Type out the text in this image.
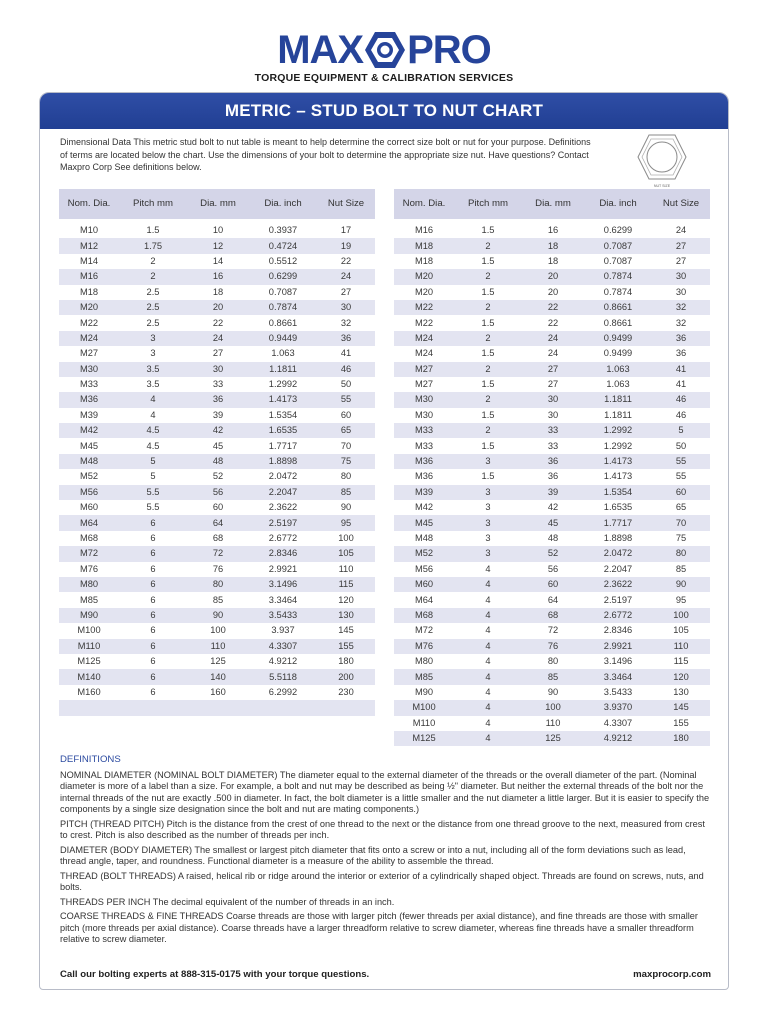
MAX PRO
TORQUE EQUIPMENT & CALIBRATION SERVICES
METRIC – STUD BOLT TO NUT CHART

Dimensional Data This metric stud bolt to nut table is meant to help determine the correct size bolt or nut for your purpose. Definitions of terms are located below the chart. Use the dimensions of your bolt to determine the appropriate size nut. Have questions? Contact Maxpro Corp See definitions below.

NUT SIZE
Nom. Dia.	Pitch mm	Dia. mm	Dia. inch	Nut Size

M10	1.5	10	0.3937	17
M12	1.75	12	0.4724	19
M14	2	14	0.5512	22
M16	2	16	0.6299	24
M18	2.5	18	0.7087	27
M20	2.5	20	0.7874	30
M22	2.5	22	0.8661	32
M24	3	24	0.9449	36
M27	3	27	1.063	41
M30	3.5	30	1.1811	46
M33	3.5	33	1.2992	50
M36	4	36	1.4173	55
M39	4	39	1.5354	60
M42	4.5	42	1.6535	65
M45	4.5	45	1.7717	70
M48	5	48	1.8898	75
M52	5	52	2.0472	80
M56	5.5	56	2.2047	85
M60	5.5	60	2.3622	90
M64	6	64	2.5197	95
M68	6	68	2.6772	100
M72	6	72	2.8346	105
M76	6	76	2.9921	110
M80	6	80	3.1496	115
M85	6	85	3.3464	120
M90	6	90	3.5433	130
M100	6	100	3.937	145
M110	6	110	4.3307	155
M125	6	125	4.9212	180
M140	6	140	5.5118	200
M160	6	160	6.2992	230

Nom. Dia.	Pitch mm	Dia. mm	Dia. inch	Nut Size

M16	1.5	16	0.6299	24
M18	2	18	0.7087	27
M18	1.5	18	0.7087	27
M20	2	20	0.7874	30
M20	1.5	20	0.7874	30
M22	2	22	0.8661	32
M22	1.5	22	0.8661	32
M24	2	24	0.9499	36
M24	1.5	24	0.9499	36
M27	2	27	1.063	41
M27	1.5	27	1.063	41
M30	2	30	1.1811	46
M30	1.5	30	1.1811	46
M33	2	33	1.2992	5
M33	1.5	33	1.2992	50
M36	3	36	1.4173	55
M36	1.5	36	1.4173	55
M39	3	39	1.5354	60
M42	3	42	1.6535	65
M45	3	45	1.7717	70
M48	3	48	1.8898	75
M52	3	52	2.0472	80
M56	4	56	2.2047	85
M60	4	60	2.3622	90
M64	4	64	2.5197	95
M68	4	68	2.6772	100
M72	4	72	2.8346	105
M76	4	76	2.9921	110
M80	4	80	3.1496	115
M85	4	85	3.3464	120
M90	4	90	3.5433	130
M100	4	100	3.9370	145
M110	4	110	4.3307	155
M125	4	125	4.9212	180
DEFINITIONS
NOMINAL DIAMETER (NOMINAL BOLT DIAMETER) The diameter equal to the external diameter of the threads or the overall diameter of the part. (Nominal diameter is more of a label than a size. For example, a bolt and nut may be described as being ½" diameter. But neither the external threads of the bolt nor the internal threads of the nut are exactly .500 in diameter. In fact, the bolt diameter is a little smaller and the nut diameter a little larger. But it is easier to specify the components by a single size designation since the bolt and nut are mating components.)
PITCH (THREAD PITCH) Pitch is the distance from the crest of one thread to the next or the distance from one thread groove to the next, measured from crest to crest. Pitch is also described as the number of threads per inch.
DIAMETER (BODY DIAMETER) The smallest or largest pitch diameter that fits onto a screw or into a nut, including all of the form deviations such as lead, thread angle, taper, and roundness. Functional diameter is a measure of the ability to assemble the thread.
THREAD (BOLT THREADS) A raised, helical rib or ridge around the interior or exterior of a cylindrically shaped object. Threads are found on screws, nuts, and bolts.
THREADS PER INCH The decimal equivalent of the number of threads in an inch.
COARSE THREADS & FINE THREADS Coarse threads are those with larger pitch (fewer threads per axial distance), and fine threads are those with smaller pitch (more threads per axial distance). Coarse threads have a larger threadform relative to screw diameter, whereas fine threads have a smaller threadform relative to screw diameter.
Call our bolting experts at 888-315-0175 with your torque questions.	maxprocorp.com
